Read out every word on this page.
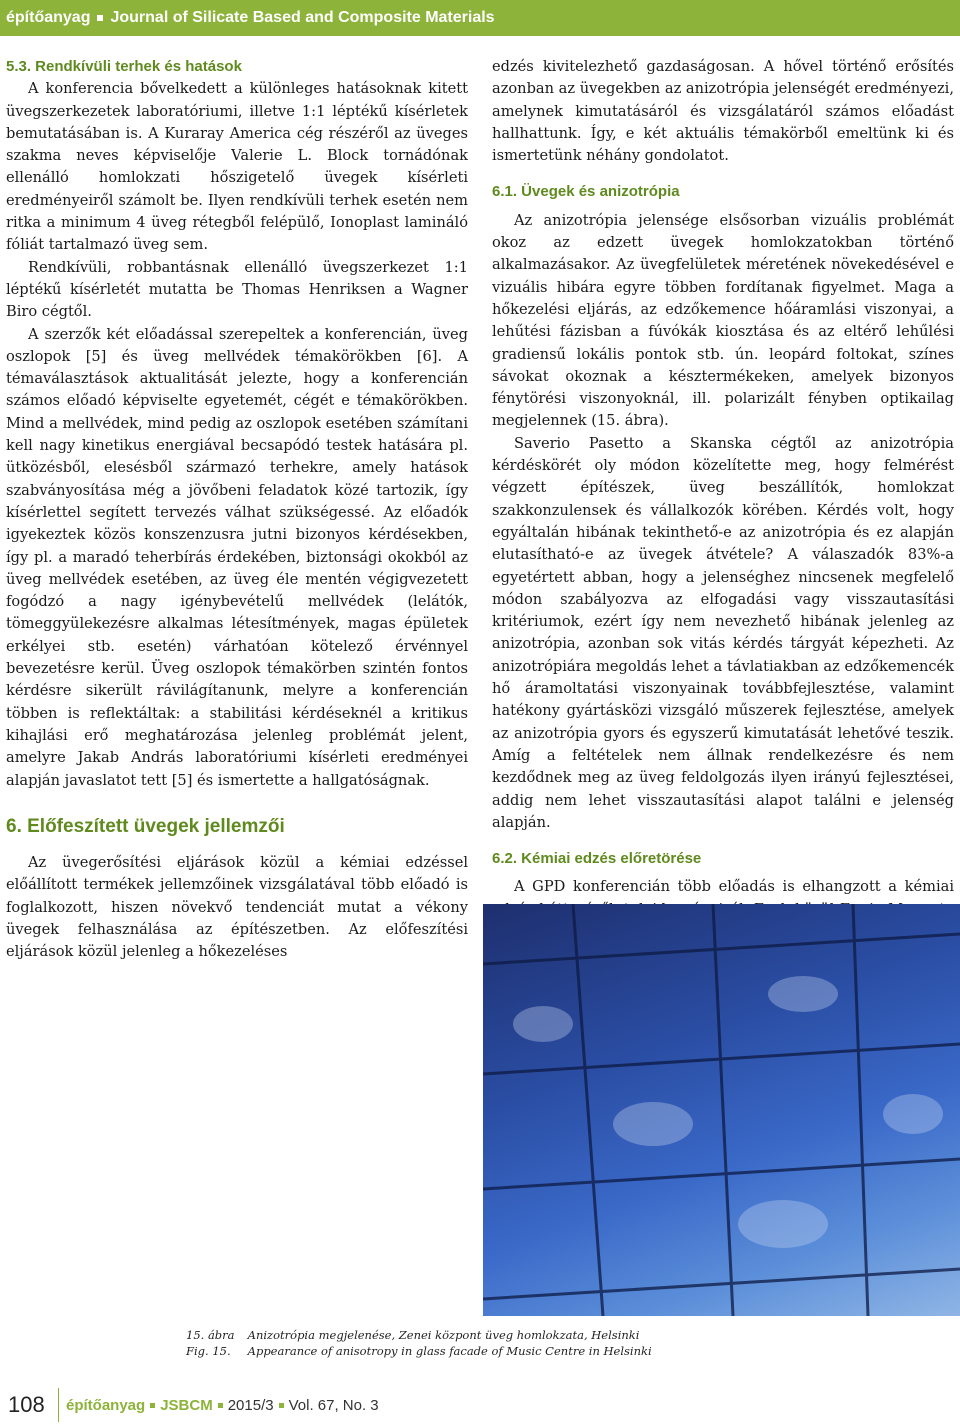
építőanyag Journal of Silicate Based and Composite Materials

5.3. Rendkívüli terhek és hatások

A konferencia bővelkedett a különleges hatásoknak kitett üvegszerkezetek laboratóriumi, illetve 1:1 léptékű kísérletek bemutatásában is. A Kuraray America cég részéről az üveges szakma neves képviselője Valerie L. Block tornádónak ellenálló homlokzati hőszigetelő üvegek kísérleti eredményeiről számolt be. Ilyen rendkívüli terhek esetén nem ritka a minimum 4 üveg rétegből felépülő, Ionoplast lamináló fóliát tartalmazó üveg sem.

Rendkívüli, robbantásnak ellenálló üvegszerkezet 1:1 léptékű kísérletét mutatta be Thomas Henriksen a Wagner Biro cégtől.

A szerzők két előadással szerepeltek a konferencián, üveg oszlopok [5] és üveg mellvédek témakörökben [6]. A témaválasztások aktualitását jelezte, hogy a konferencián számos előadó képviselte egyetemét, cégét e témakörökben. Mind a mellvédek, mind pedig az oszlopok esetében számítani kell nagy kinetikus energiával becsapódó testek hatására pl. ütközésből, elesésből származó terhekre, amely hatások szabványosítása még a jövőbeni feladatok közé tartozik, így kísérlettel segített tervezés válhat szükségessé. Az előadók igyekeztek közös konszenzusra jutni bizonyos kérdésekben, így pl. a maradó teherbírás érdekében, biztonsági okokból az üveg mellvédek esetében, az üveg éle mentén végigvezetett fogódzó a nagy igénybevételű mellvédek (lelátók, tömeggyülekezésre alkalmas létesítmények, magas épületek erkélyei stb. esetén) várhatóan kötelező érvénnyel bevezetésre kerül. Üveg oszlopok témakörben szintén fontos kérdésre sikerült rávilágítanunk, melyre a konferencián többen is reflektáltak: a stabilitási kérdéseknél a kritikus kihajlási erő meghatározása jelenleg problémát jelent, amelyre Jakab András laboratóriumi kísérleti eredményei alapján javaslatot tett [5] és ismertette a hallgatóságnak.

6. Előfeszített üvegek jellemzői

Az üvegerősítési eljárások közül a kémiai edzéssel előállított termékek jellemzőinek vizsgálatával több előadó is foglalkozott, hiszen növekvő tendenciát mutat a vékony üvegek felhasználása az építészetben. Az előfeszítési eljárások közül jelenleg a hőkezeléses

edzés kivitelezhető gazdaságosan. A hővel történő erősítés azonban az üvegekben az anizotrópia jelenségét eredményezi, amelynek kimutatásáról és vizsgálatáról számos előadást hallhattunk. Így, e két aktuális témakörből emeltünk ki és ismertetünk néhány gondolatot.

6.1. Üvegek és anizotrópia

Az anizotrópia jelensége elsősorban vizuális problémát okoz az edzett üvegek homlokzatokban történő alkalmazásakor. Az üvegfelületek méretének növekedésével e vizuális hibára egyre többen fordítanak figyelmet. Maga a hőkezelési eljárás, az edzőkemence hőáramlási viszonyai, a lehűtési fázisban a fúvókák kiosztása és az eltérő lehűlési gradiensű lokális pontok stb. ún. leopárd foltokat, színes sávokat okoznak a késztermékeken, amelyek bizonyos fénytörési viszonyoknál, ill. polarizált fényben optikailag megjelennek (15. ábra).

Saverio Pasetto a Skanska cégtől az anizotrópia kérdéskörét oly módon közelítette meg, hogy felmérést végzett építészek, üveg beszállítók, homlokzat szakkonzulensek és vállalkozók körében. Kérdés volt, hogy egyáltalán hibának tekinthető-e az anizotrópia és ez alapján elutasítható-e az üvegek átvétele? A válaszadók 83%-a egyetértett abban, hogy a jelenséghez nincsenek megfelelő módon szabályozva az elfogadási vagy visszautasítási kritériumok, ezért így nem nevezhető hibának jelenleg az anizotrópia, azonban sok vitás kérdés tárgyát képezheti. Az anizotrópiára megoldás lehet a távlatiakban az edzőkemencék hő áramoltatási viszonyainak továbbfejlesztése, valamint hatékony gyártásközi vizsgáló műszerek fejlesztése, amelyek az anizotrópia gyors és egyszerű kimutatását lehetővé teszik. Amíg a feltételek nem állnak rendelkezésre és nem kezdődnek meg az üveg feldolgozás ilyen irányú fejlesztései, addig nem lehet visszautasítási alapot találni e jelenség alapján.

6.2. Kémiai edzés előretörése

A GPD konferencián több előadás is elhangzott a kémiai

15. ábra Anizotrópia megjelenése, Zenei központ üveg homlokzata, Helsinki
Fig. 15. Appearance of anisotropy in glass facade of Music Centre in Helsinki
108 építőanyag JSBCM 2015/3 Vol. 67, No. 3
